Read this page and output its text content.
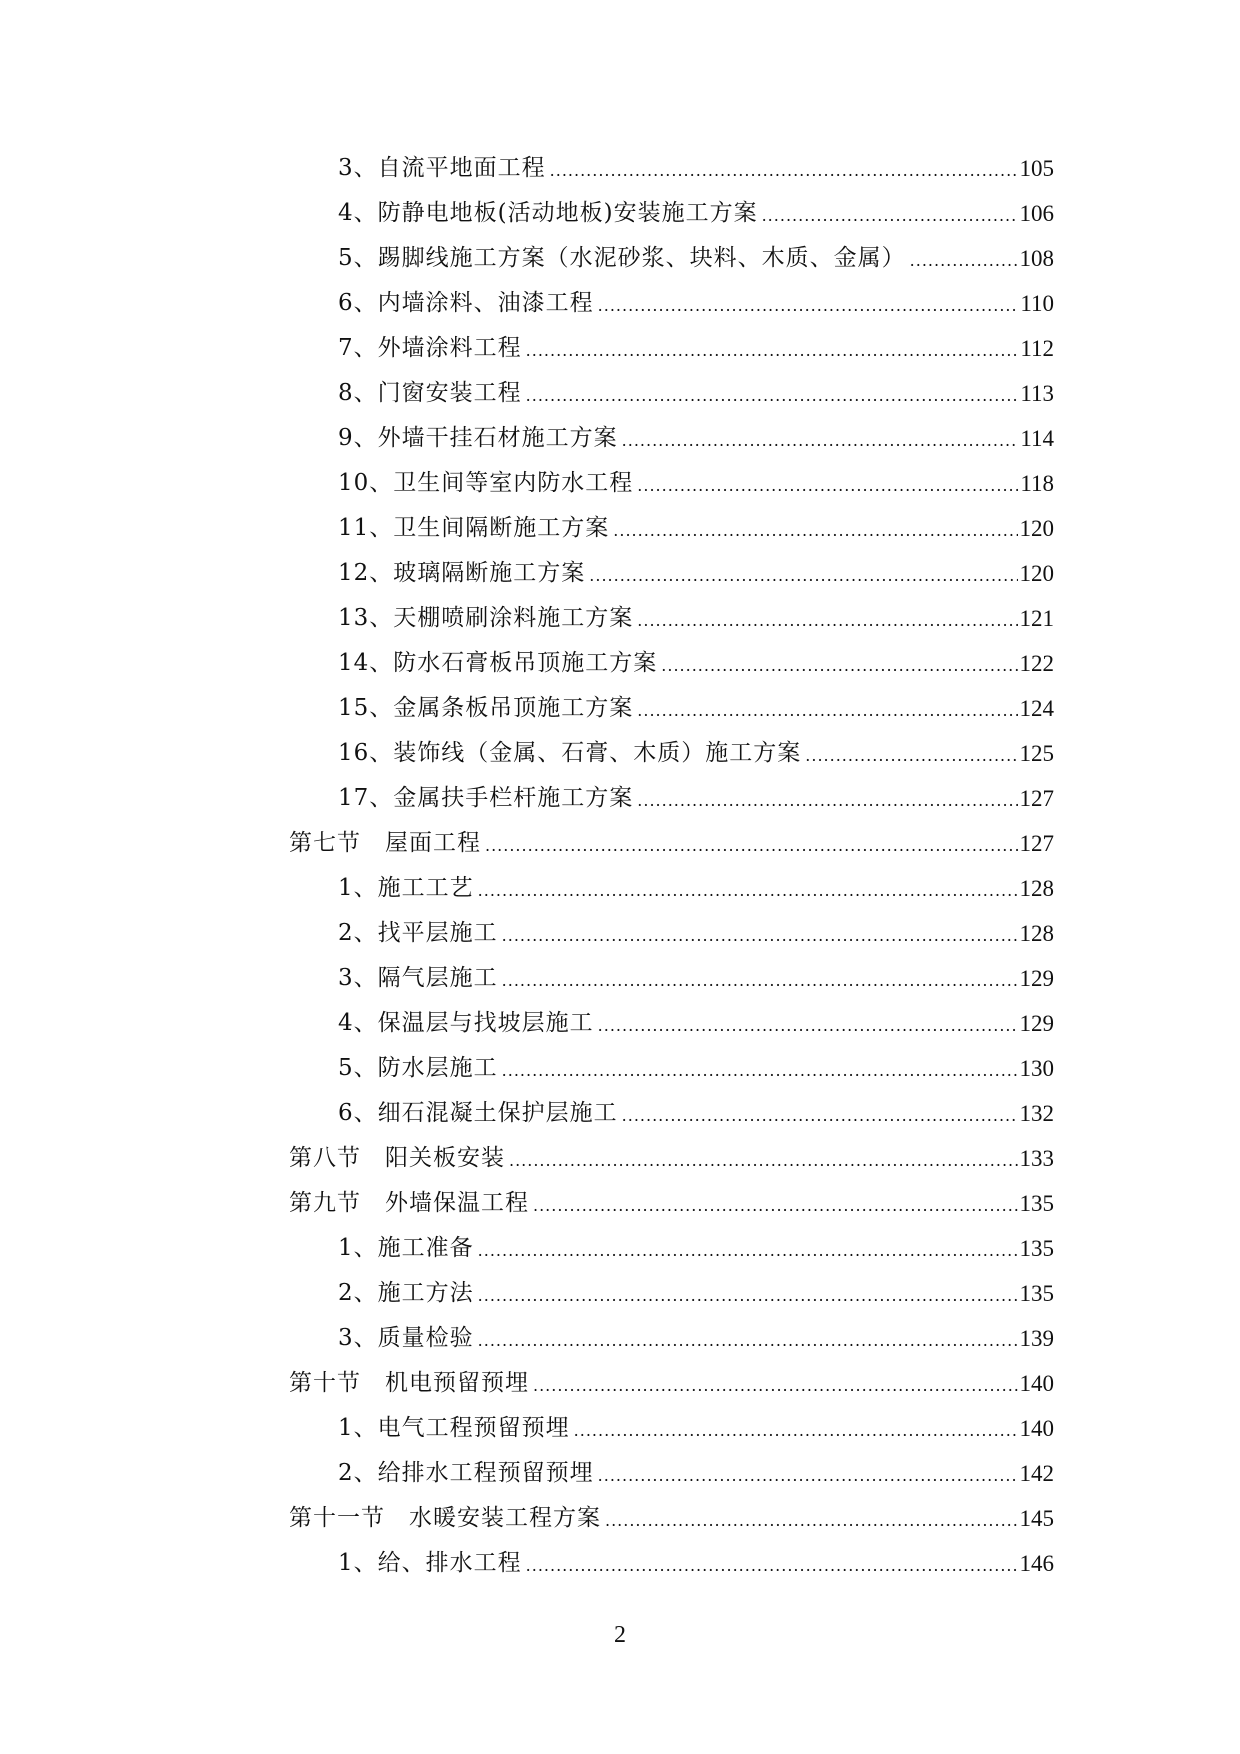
3、自流平地面工程 .....	105
4、防静电地板(活动地板)安装施工方案 .....	106
5、踢脚线施工方案（水泥砂浆、块料、木质、金属） .....	108
6、内墙涂料、油漆工程 .....	110
7、外墙涂料工程 .....	112
8、门窗安装工程 .....	113
9、外墙干挂石材施工方案 .....	114
10、卫生间等室内防水工程 .....	118
11、卫生间隔断施工方案 .....	120
12、玻璃隔断施工方案 .....	120
13、天棚喷刷涂料施工方案 .....	121
14、防水石膏板吊顶施工方案 .....	122
15、金属条板吊顶施工方案 .....	124
16、装饰线（金属、石膏、木质）施工方案 .....	125
17、金属扶手栏杆施工方案 .....	127
第七节　屋面工程 .....	127
1、施工工艺 .....	128
2、找平层施工 .....	128
3、隔气层施工 .....	129
4、保温层与找坡层施工 .....	129
5、防水层施工 .....	130
6、细石混凝土保护层施工 .....	132
第八节　阳关板安装 .....	133
第九节　外墙保温工程 .....	135
1、施工准备 .....	135
2、施工方法 .....	135
3、质量检验 .....	139
第十节　机电预留预埋 .....	140
1、电气工程预留预埋 .....	140
2、给排水工程预留预埋 .....	142
第十一节　水暖安装工程方案 .....	145
1、给、排水工程 .....	146
2
